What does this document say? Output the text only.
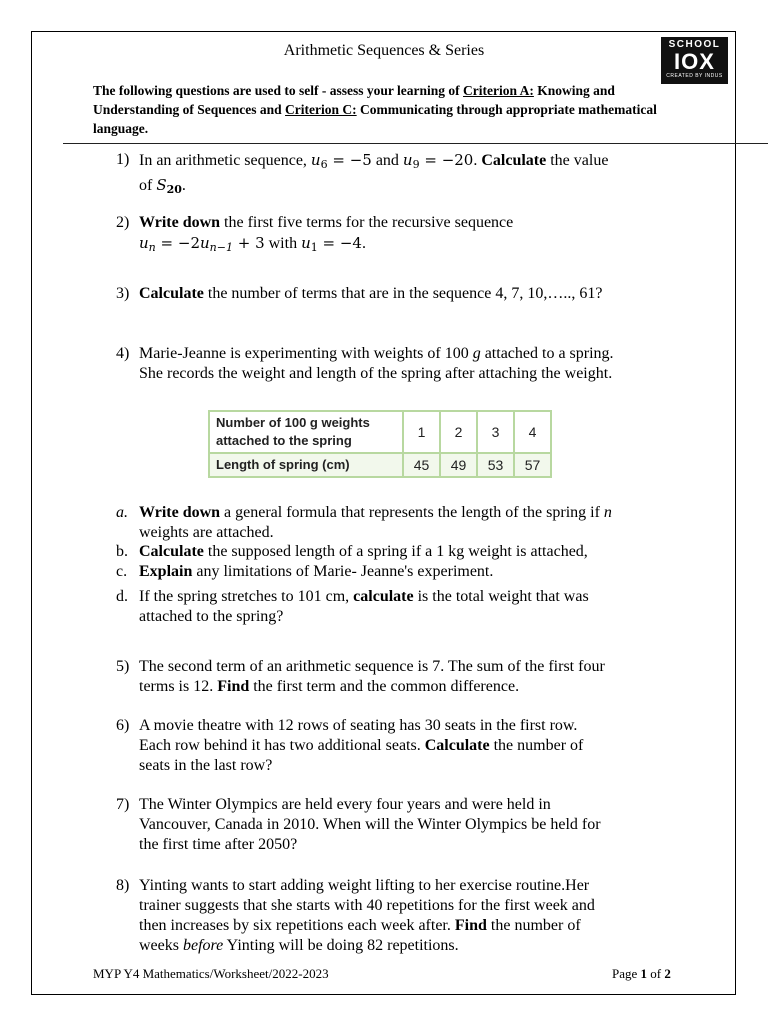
Arithmetic Sequences & Series	SCHOOL
IOX
CREATED BY INDUS
The following questions are used to self - assess your learning of Criterion A: Knowing and Understanding of Sequences and Criterion C: Communicating through appropriate mathematical language.
1) In an arithmetic sequence, $u_6 = -5$ and $u_9 = -20$. Calculate the value
of $S_{20}$.
2) Write down the first five terms for the recursive sequence
$u_n = -2u_{n-1} + 3$ with $u_1 = -4$.
3) Calculate the number of terms that are in the sequence 4, 7, 10,….., 61?
4) Marie-Jeanne is experimenting with weights of 100 g attached to a spring.
She records the weight and length of the spring after attaching the weight.
Number of 100 g weights
attached to the spring	1	2	3	4
Length of spring (cm)	45	49	53	57
a. Write down a general formula that represents the length of the spring if n
weights are attached.
b. Calculate the supposed length of a spring if a 1 kg weight is attached,
c. Explain any limitations of Marie- Jeanne's experiment.
d. If the spring stretches to 101 cm, calculate is the total weight that was
attached to the spring?
5) The second term of an arithmetic sequence is 7. The sum of the first four
terms is 12. Find the first term and the common difference.
6) A movie theatre with 12 rows of seating has 30 seats in the first row.
Each row behind it has two additional seats. Calculate the number of
seats in the last row?
7) The Winter Olympics are held every four years and were held in
Vancouver, Canada in 2010. When will the Winter Olympics be held for
the first time after 2050?
8) Yinting wants to start adding weight lifting to her exercise routine.Her
trainer suggests that she starts with 40 repetitions for the first week and
then increases by six repetitions each week after. Find the number of
weeks before Yinting will be doing 82 repetitions.
MYP Y4 Mathematics/Worksheet/2022-2023	Page 1 of 2
